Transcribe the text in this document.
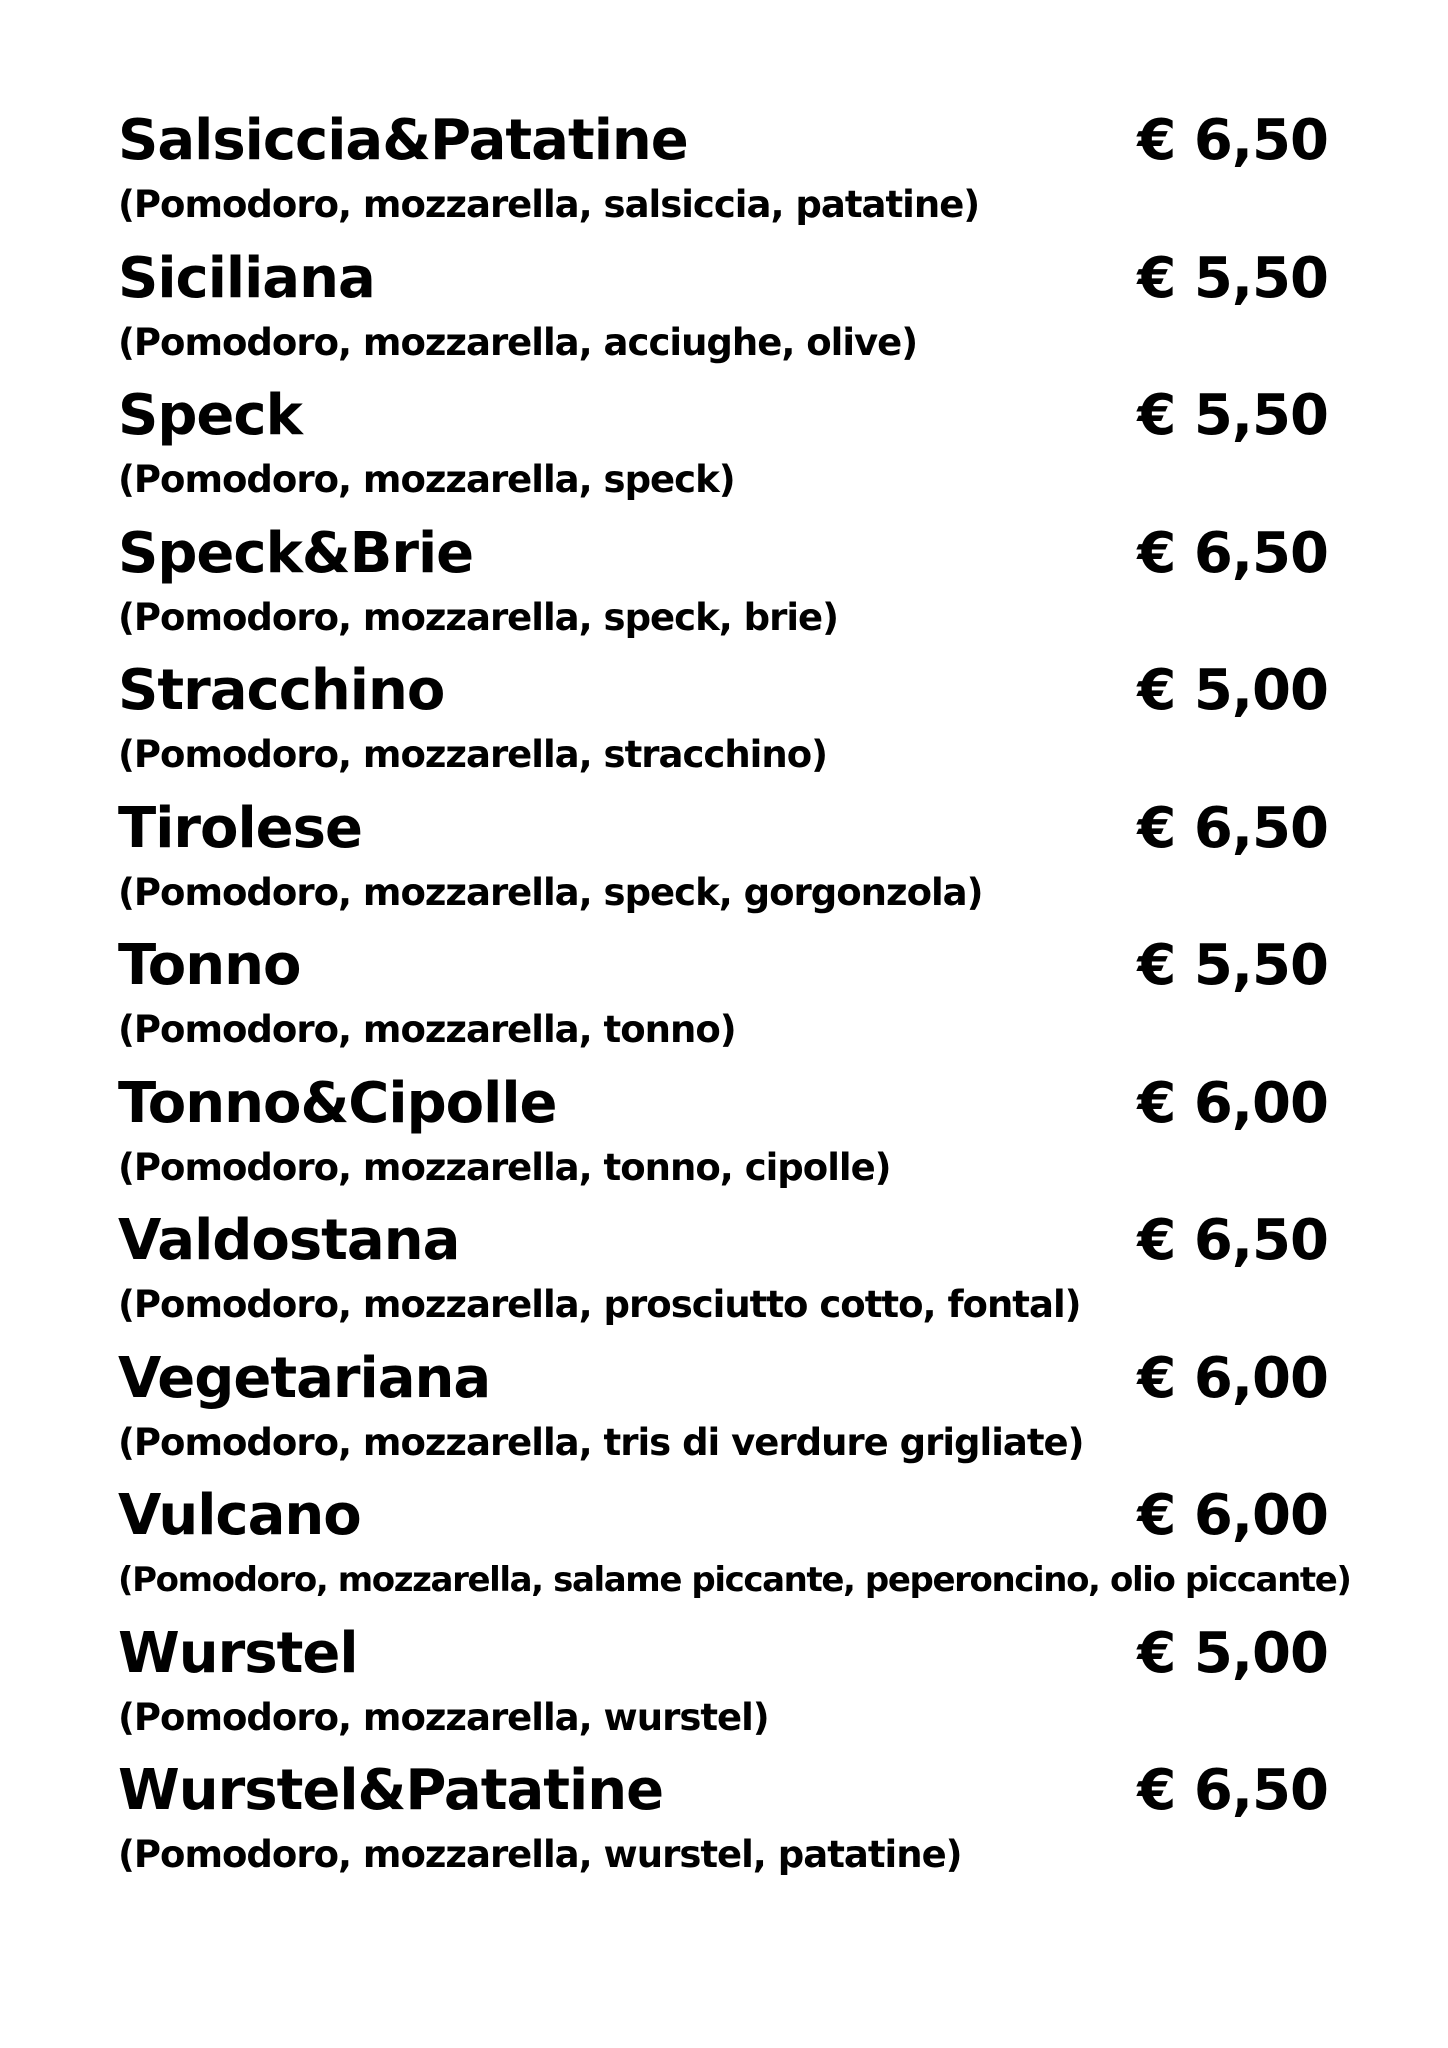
Salsiccia&Patatine	€ 6,50
(Pomodoro, mozzarella, salsiccia, patatine)
Siciliana	€ 5,50
(Pomodoro, mozzarella, acciughe, olive)
Speck	€ 5,50
(Pomodoro, mozzarella, speck)
Speck&Brie	€ 6,50
(Pomodoro, mozzarella, speck, brie)
Stracchino	€ 5,00
(Pomodoro, mozzarella, stracchino)
Tirolese	€ 6,50
(Pomodoro, mozzarella, speck, gorgonzola)
Tonno	€ 5,50
(Pomodoro, mozzarella, tonno)
Tonno&Cipolle	€ 6,00
(Pomodoro, mozzarella, tonno, cipolle)
Valdostana	€ 6,50
(Pomodoro, mozzarella, prosciutto cotto, fontal)
Vegetariana	€ 6,00
(Pomodoro, mozzarella, tris di verdure grigliate)
Vulcano	€ 6,00
(Pomodoro, mozzarella, salame piccante, peperoncino, olio piccante)
Wurstel	€ 5,00
(Pomodoro, mozzarella, wurstel)
Wurstel&Patatine	€ 6,50
(Pomodoro, mozzarella, wurstel, patatine)
